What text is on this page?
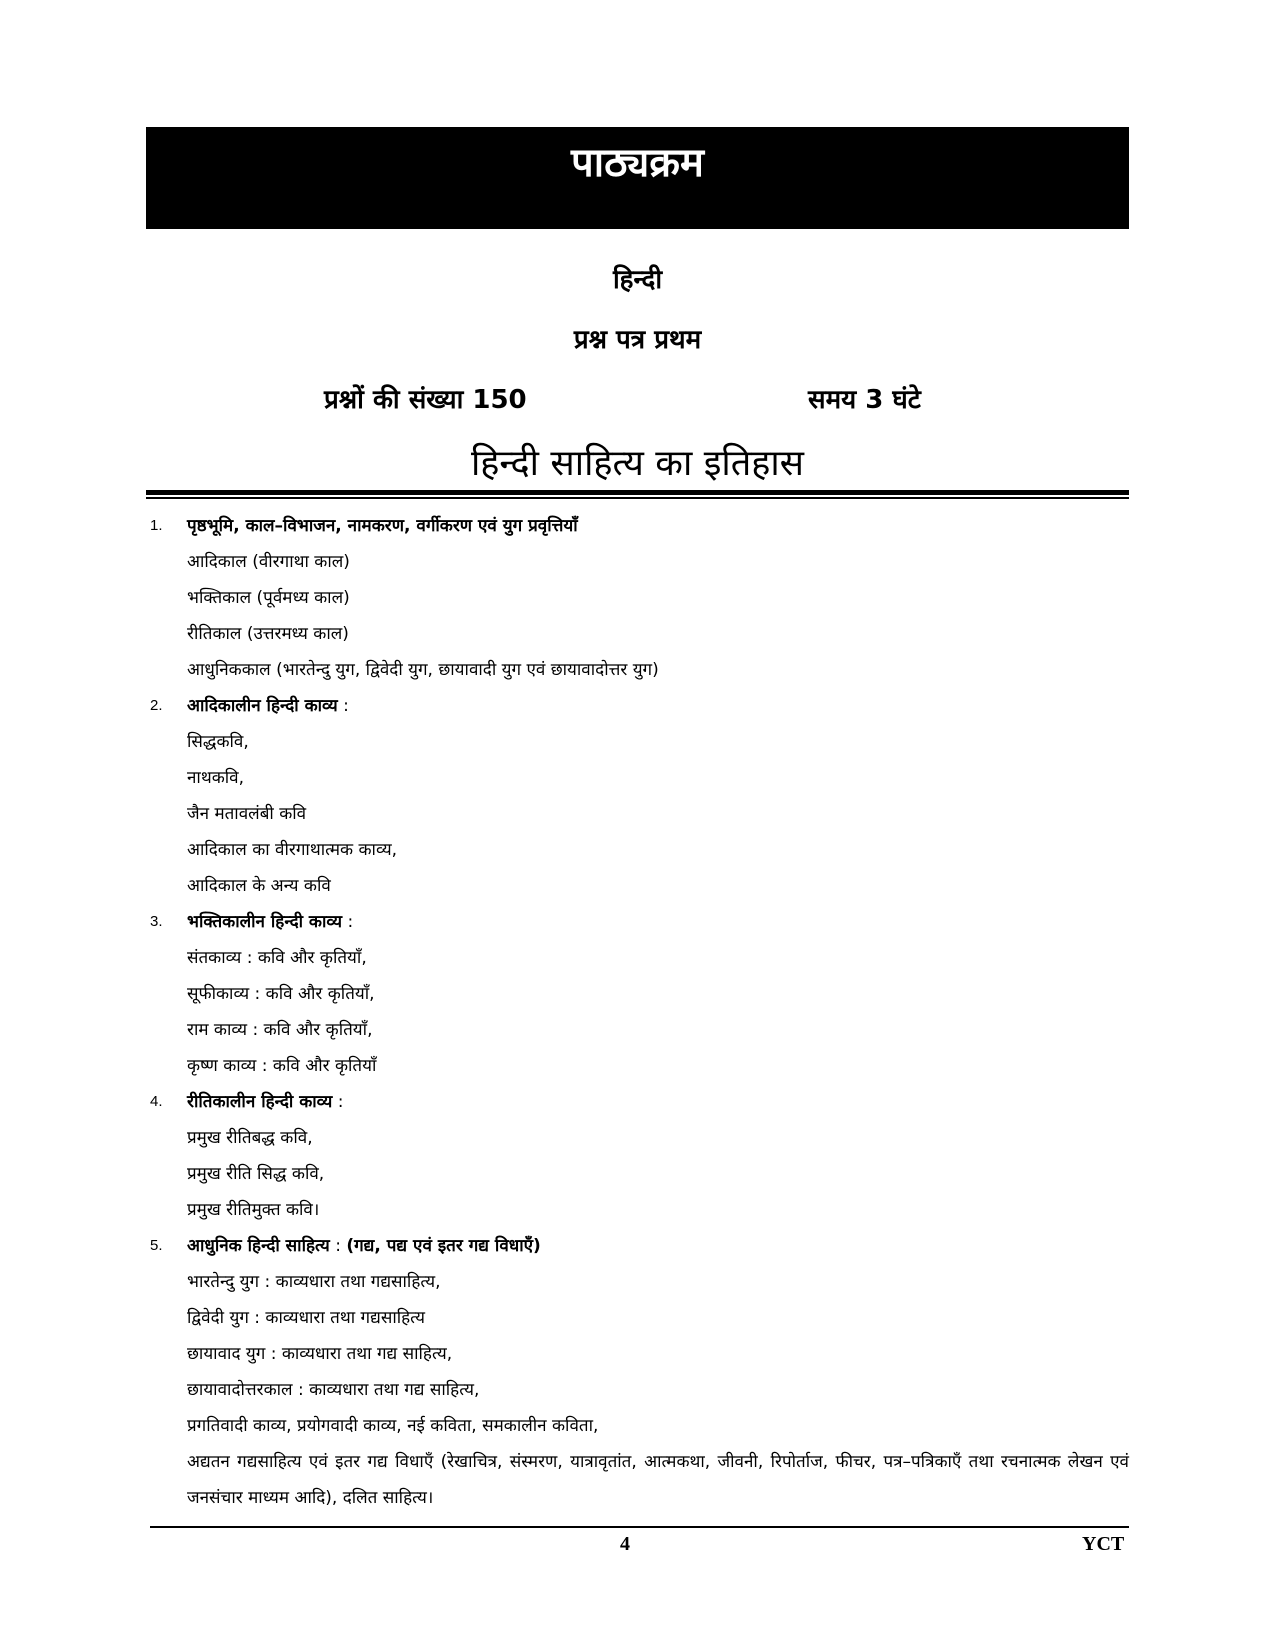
पाठ्यक्रम
हिन्दी
प्रश्न पत्र प्रथम
प्रश्नों की संख्या 150	समय 3 घंटे
हिन्दी साहित्य का इतिहास
1. पृष्ठभूमि, काल–विभाजन, नामकरण, वर्गीकरण एवं युग प्रवृत्तियाँ
आदिकाल (वीरगाथा काल)
भक्तिकाल (पूर्वमध्य काल)
रीतिकाल (उत्तरमध्य काल)
आधुनिककाल (भारतेन्दु युग, द्विवेदी युग, छायावादी युग एवं छायावादोत्तर युग)
2. आदिकालीन हिन्दी काव्य :
सिद्धकवि,
नाथकवि,
जैन मतावलंबी कवि
आदिकाल का वीरगाथात्मक काव्य,
आदिकाल के अन्य कवि
3. भक्तिकालीन हिन्दी काव्य :
संतकाव्य : कवि और कृतियाँ,
सूफीकाव्य : कवि और कृतियाँ,
राम काव्य : कवि और कृतियाँ,
कृष्ण काव्य : कवि और कृतियाँ
4. रीतिकालीन हिन्दी काव्य :
प्रमुख रीतिबद्ध कवि,
प्रमुख रीति सिद्ध कवि,
प्रमुख रीतिमुक्त कवि।
5. आधुनिक हिन्दी साहित्य : (गद्य, पद्य एवं इतर गद्य विधाएँ)
भारतेन्दु युग : काव्यधारा तथा गद्यसाहित्य,
द्विवेदी युग : काव्यधारा तथा गद्यसाहित्य
छायावाद युग : काव्यधारा तथा गद्य साहित्य,
छायावादोत्तरकाल : काव्यधारा तथा गद्य साहित्य,
प्रगतिवादी काव्य, प्रयोगवादी काव्य, नई कविता, समकालीन कविता,
अद्यतन गद्यसाहित्य एवं इतर गद्य विधाएँ (रेखाचित्र, संस्मरण, यात्रावृतांत, आत्मकथा, जीवनी, रिपोर्ताज, फीचर, पत्र–पत्रिकाएँ तथा रचनात्मक लेखन एवं जनसंचार माध्यम आदि), दलित साहित्य।
4	YCT
